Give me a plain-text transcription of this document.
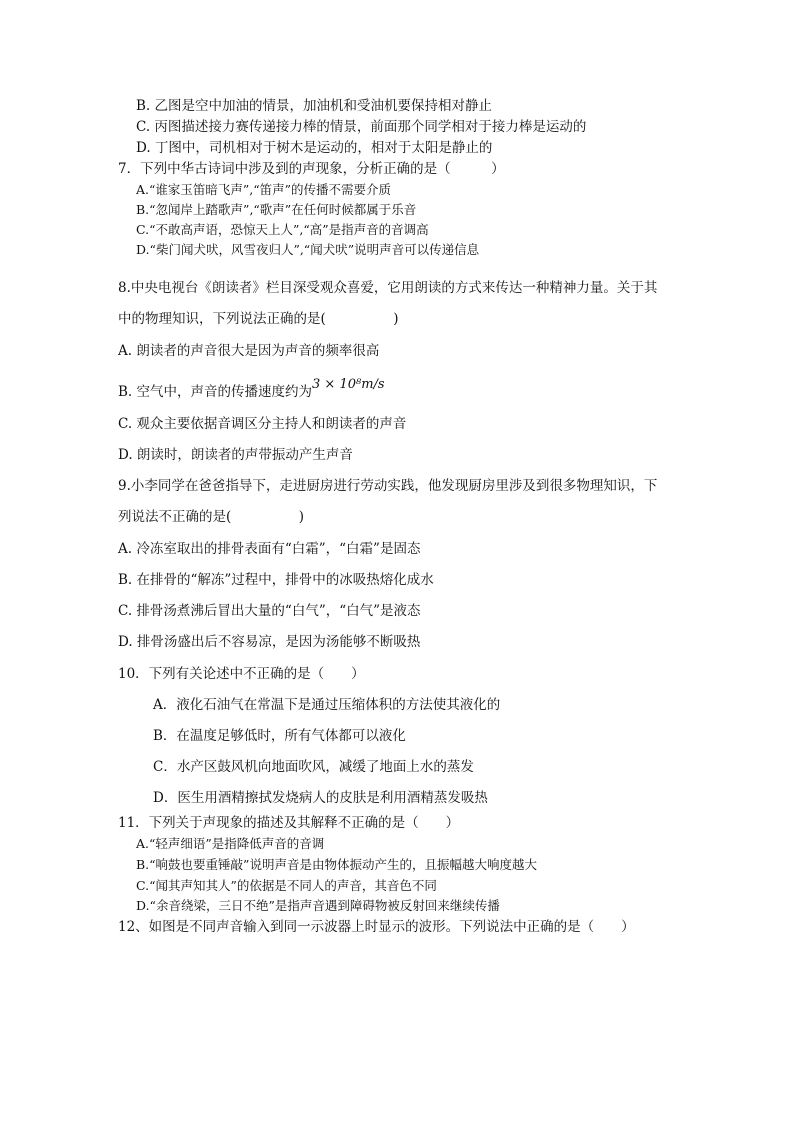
B. 乙图是空中加油的情景，加油机和受油机要保持相对静止
C. 丙图描述接力赛传递接力棒的情景，前面那个同学相对于接力棒是运动的
D. 丁图中，司机相对于树木是运动的，相对于太阳是静止的
7．下列中华古诗词中涉及到的声现象，分析正确的是（　　　）
A.“谁家玉笛暗飞声”,“笛声”的传播不需要介质
B.“忽闻岸上踏歌声”,“歌声”在任何时候都属于乐音
C.“不敢高声语，恐惊天上人”,“高”是指声音的音调高
D.“柴门闻犬吠，风雪夜归人”,“闻犬吠”说明声音可以传递信息
8.中央电视台《朗读者》栏目深受观众喜爱，它用朗读的方式来传达一种精神力量。关于其
中的物理知识，下列说法正确的是(　　　　　)
A. 朗读者的声音很大是因为声音的频率很高
B. 空气中，声音的传播速度约为3 × 10⁸m/s
C. 观众主要依据音调区分主持人和朗读者的声音
D. 朗读时，朗读者的声带振动产生声音
9.小李同学在爸爸指导下，走进厨房进行劳动实践，他发现厨房里涉及到很多物理知识，下
列说法不正确的是(　　　　　)
A. 冷冻室取出的排骨表面有“白霜”，“白霜”是固态
B. 在排骨的“解冻”过程中，排骨中的冰吸热熔化成水
C. 排骨汤煮沸后冒出大量的“白气”，“白气”是液态
D. 排骨汤盛出后不容易凉，是因为汤能够不断吸热
10．下列有关论述中不正确的是（　　）
A．液化石油气在常温下是通过压缩体积的方法使其液化的
B．在温度足够低时，所有气体都可以液化
C．水产区鼓风机向地面吹风，减缓了地面上水的蒸发
D．医生用酒精擦拭发烧病人的皮肤是利用酒精蒸发吸热
11．下列关于声现象的描述及其解释不正确的是（　　）
A.“轻声细语”是指降低声音的音调
B.“响鼓也要重锤敲”说明声音是由物体振动产生的，且振幅越大响度越大
C.“闻其声知其人”的依据是不同人的声音，其音色不同
D.“余音绕梁，三日不绝”是指声音遇到障碍物被反射回来继续传播
12、如图是不同声音输入到同一示波器上时显示的波形。下列说法中正确的是（　　）
